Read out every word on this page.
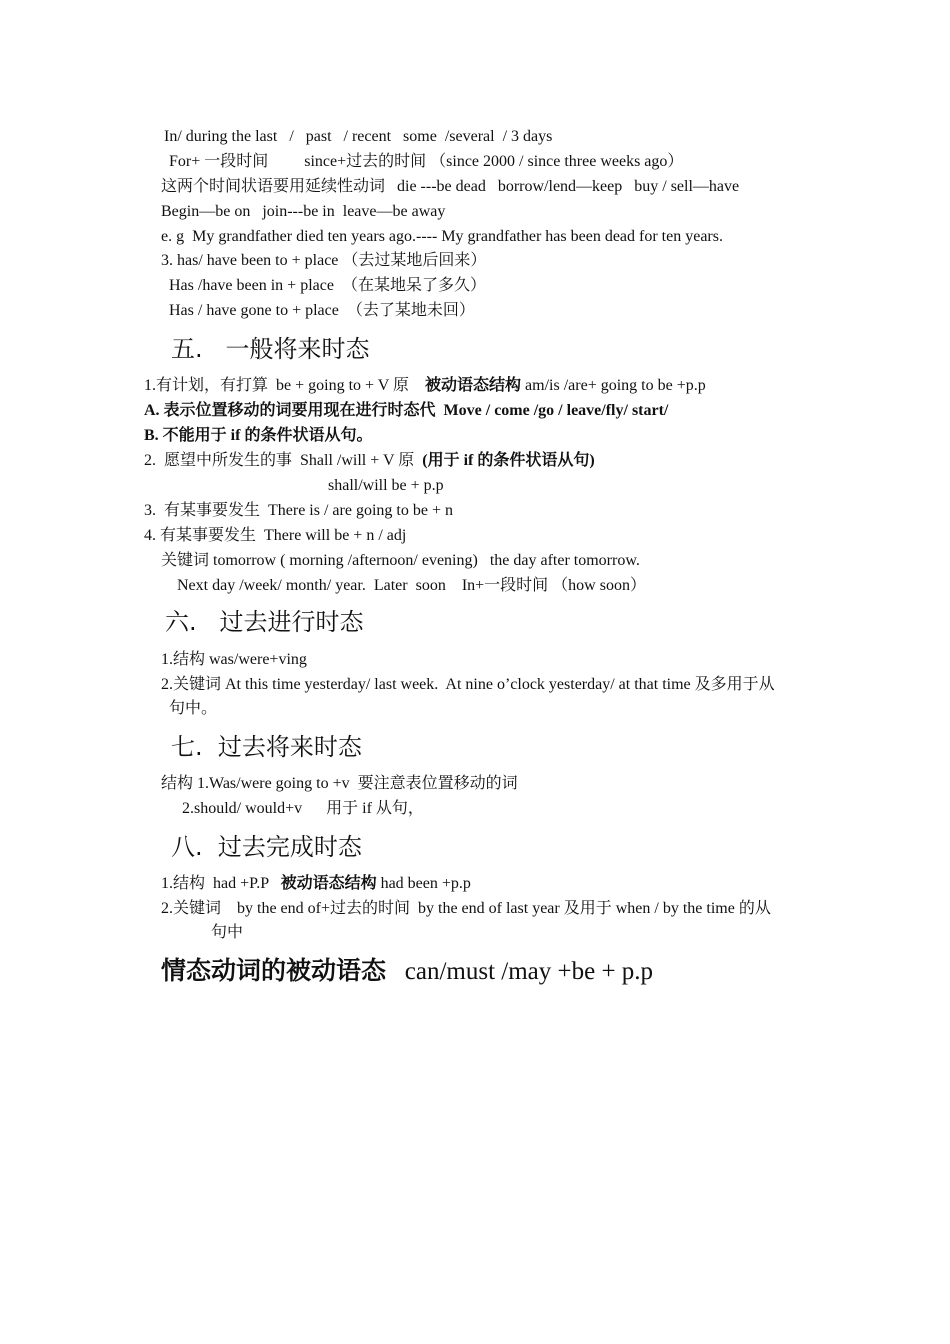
In/ during the last   /   past   / recent   some  /several  / 3 days
For+ 一段时间         since+过去的时间 （since 2000 / since three weeks ago）
这两个时间状语要用延续性动词   die ---be dead   borrow/lend—keep   buy / sell—have
Begin—be on   join---be in  leave—be away
e. g  My grandfather died ten years ago.---- My grandfather has been dead for ten years.
3. has/ have been to + place （去过某地后回来）
Has /have been in + place  （在某地呆了多久）
Has / have gone to + place  （去了某地未回）
五.   一般将来时态
1.有计划，有打算  be + going to + V 原    被动语态结构 am/is /are+ going to be +p.p
A. 表示位置移动的词要用现在进行时态代  Move / come /go / leave/fly/ start/
B. 不能用于 if 的条件状语从句。
2.  愿望中所发生的事  Shall /will + V 原  (用于 if 的条件状语从句)
shall/will be + p.p
3.  有某事要发生  There is / are going to be + n
4. 有某事要发生  There will be + n / adj
关键词 tomorrow ( morning /afternoon/ evening)   the day after tomorrow.
Next day /week/ month/ year.  Later  soon    In+一段时间 （how soon）
六.   过去进行时态
1.结构 was/were+ving
2.关键词 At this time yesterday/ last week.  At nine o’clock yesterday/ at that time 及多用于从
句中。
七.  过去将来时态
结构 1.Was/were going to +v  要注意表位置移动的词
2.should/ would+v      用于 if 从句，
八.  过去完成时态
1.结构  had +P.P   被动语态结构 had been +p.p
2.关键词    by the end of+过去的时间  by the end of last year 及用于 when / by the time 的从
句中
情态动词的被动语态   can/must /may +be + p.p
